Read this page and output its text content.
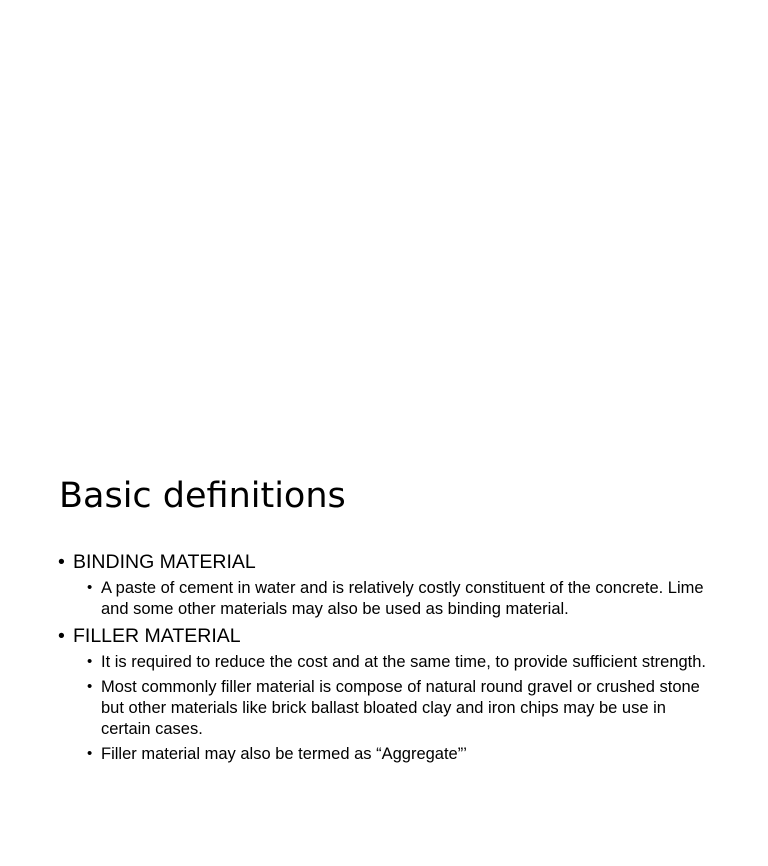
Basic definitions
• BINDING MATERIAL
• A paste of cement in water and is relatively costly constituent of the concrete. Lime and some other materials may also be used as binding material.
• FILLER MATERIAL
• It is required to reduce the cost and at the same time, to provide sufficient strength.
• Most commonly filler material is compose of natural round gravel or crushed stone but other materials like brick ballast bloated clay and iron chips may be use in certain cases.
• Filler material may also be termed as “Aggregate”’
